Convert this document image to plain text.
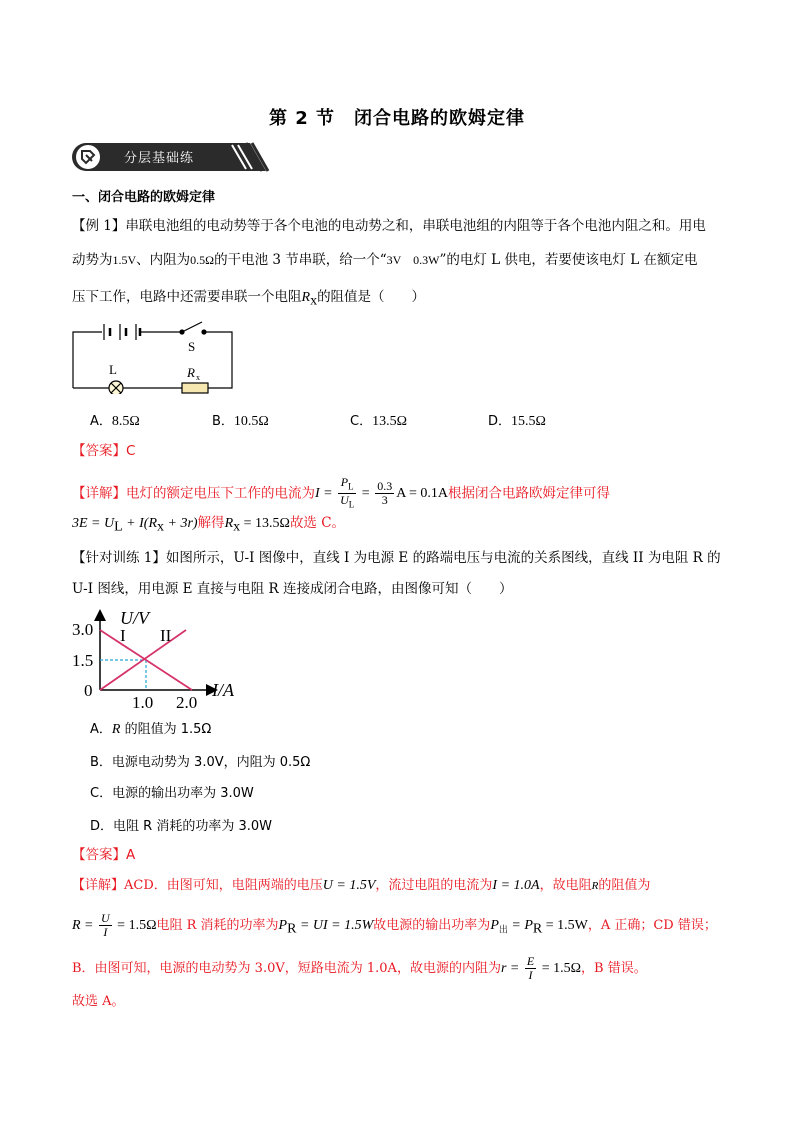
第 2 节　闭合电路的欧姆定律
分层基础练
一、闭合电路的欧姆定律
【例 1】串联电池组的电动势等于各个电池的电动势之和，串联电池组的内阻等于各个电池内阻之和。用电
动势为1.5V、内阻为0.5Ω的干电池 3 节串联，给一个“3V　0.3W”的电灯 L 供电，若要使该电灯 L 在额定电
压下工作，电路中还需要串联一个电阻$R_x$的阻值是（　　）
S
L	R x
A．8.5Ω	B．10.5Ω	C．13.5Ω	D．15.5Ω
【答案】C
【详解】电灯的额定电压下工作的电流为$I = \frac{P_L}{U_L} = \frac{0.3}{3}$ A = 0.1A根据闭合电路欧姆定律可得
$3E = U_L + I(R_x + 3r)$解得$R_x = 13.5\Omega$故选 C。
【针对训练 1】如图所示，U-I 图像中，直线 I 为电源 E 的路端电压与电流的关系图线，直线 II 为电阻 R 的
U-I 图线，用电源 E 直接与电阻 R 连接成闭合电路，由图像可知（　　）
U/V
I/A
3.0
1.5
0
1.0 2.0
I II
A．R 的阻值为 1.5Ω
B．电源电动势为 3.0V，内阻为 0.5Ω
C．电源的输出功率为 3.0W
D．电阻 R 消耗的功率为 3.0W
【答案】A
【详解】ACD．由图可知，电阻两端的电压U = 1.5V，流过电阻的电流为I = 1.0A，故电阻R的阻值为
$R = \frac{U}{I} = 1.5\Omega$电阻 R 消耗的功率为$P_R$ = UI = 1.5W故电源的输出功率为$P_出 = P_R = 1.5W$，A 正确；CD 错误；
B．由图可知，电源的电动势为 3.0V，短路电流为 1.0A，故电源的内阻为$r = \frac{E}{I} = 1.5\Omega$，B 错误。
故选 A。
